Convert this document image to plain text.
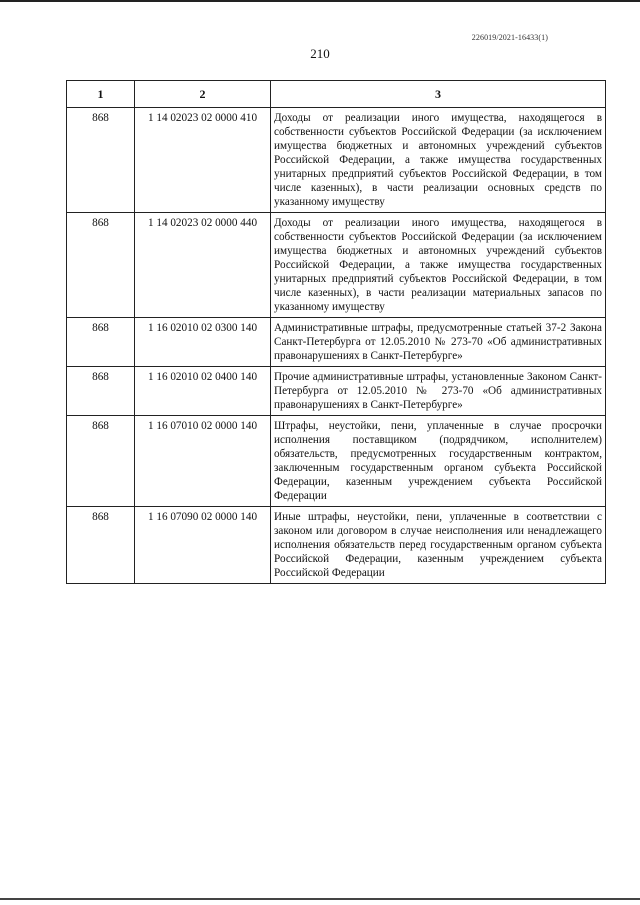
226019/2021-16433(1)
210
1	2	3
868	1 14 02023 02 0000 410	Доходы от реализации иного имущества, находящегося в собственности субъектов Российской Федерации (за исключением имущества бюджетных и автономных учреждений субъектов Российской Федерации, а также имущества государственных унитарных предприятий субъектов Российской Федерации, в том числе казенных), в части реализации основных средств по указанному имуществу
868	1 14 02023 02 0000 440	Доходы от реализации иного имущества, находящегося в собственности субъектов Российской Федерации (за исключением имущества бюджетных и автономных учреждений субъектов Российской Федерации, а также имущества государственных унитарных предприятий субъектов Российской Федерации, в том числе казенных), в части реализации материальных запасов по указанному имуществу
868	1 16 02010 02 0300 140	Административные штрафы, предусмотренные статьей 37-2 Закона Санкт-Петербурга от 12.05.2010 № 273-70 «Об административных правонарушениях в Санкт-Петербурге»
868	1 16 02010 02 0400 140	Прочие административные штрафы, установленные Законом Санкт-Петербурга от 12.05.2010 № 273-70 «Об административных правонарушениях в Санкт-Петербурге»
868	1 16 07010 02 0000 140	Штрафы, неустойки, пени, уплаченные в случае просрочки исполнения поставщиком (подрядчиком, исполнителем) обязательств, предусмотренных государственным контрактом, заключенным государственным органом субъекта Российской Федерации, казенным учреждением субъекта Российской Федерации
868	1 16 07090 02 0000 140	Иные штрафы, неустойки, пени, уплаченные в соответствии с законом или договором в случае неисполнения или ненадлежащего исполнения обязательств перед государственным органом субъекта Российской Федерации, казенным учреждением субъекта Российской Федерации
